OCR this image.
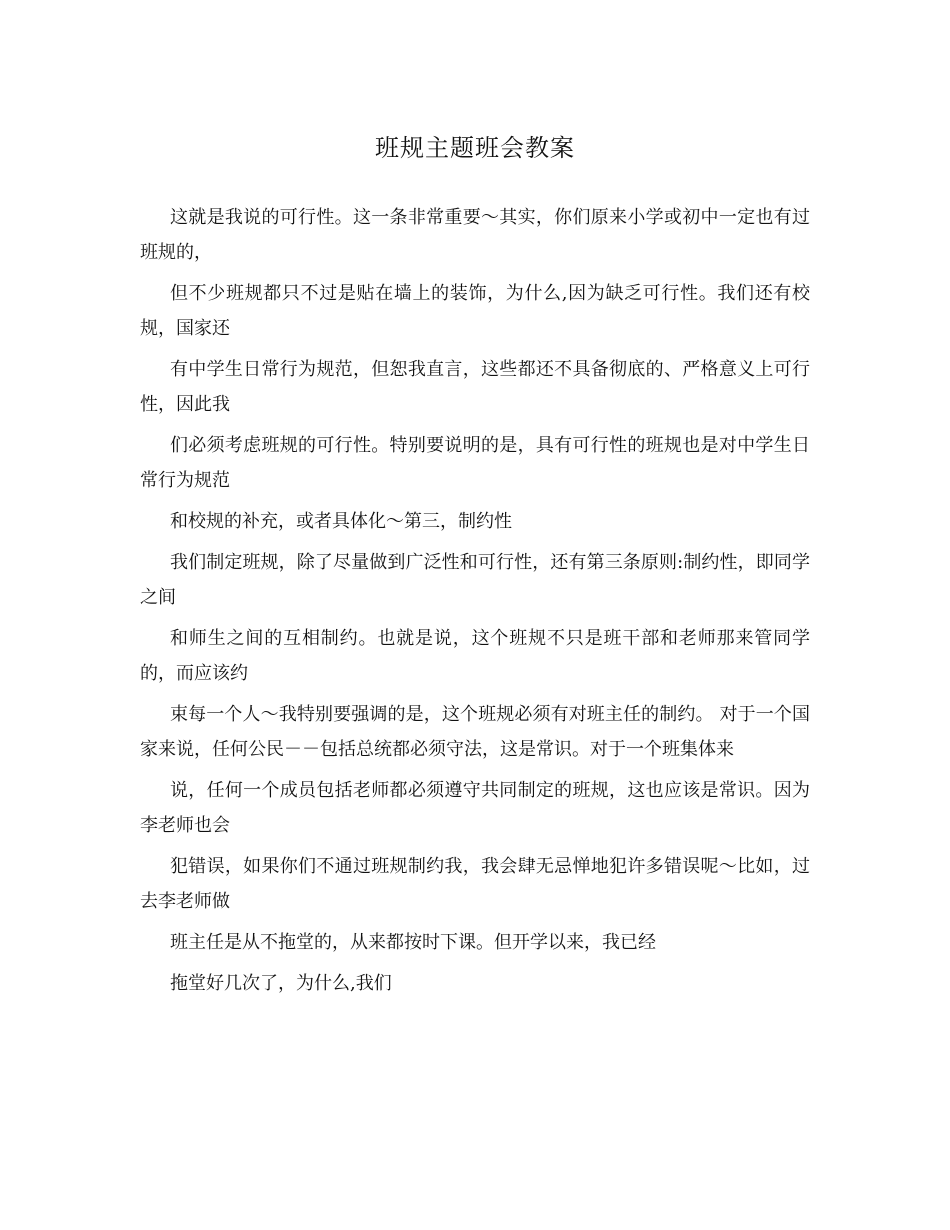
班规主题班会教案

这就是我说的可行性。这一条非常重要～其实，你们原来小学或初中一定也有过班规的，

但不少班规都只不过是贴在墙上的装饰，为什么,因为缺乏可行性。我们还有校规，国家还

有中学生日常行为规范，但恕我直言，这些都还不具备彻底的、严格意义上可行性，因此我

们必须考虑班规的可行性。特别要说明的是，具有可行性的班规也是对中学生日常行为规范

和校规的补充，或者具体化～第三，制约性

我们制定班规，除了尽量做到广泛性和可行性，还有第三条原则:制约性，即同学之间

和师生之间的互相制约。也就是说，这个班规不只是班干部和老师那来管同学的，而应该约

束每一个人～我特别要强调的是，这个班规必须有对班主任的制约。 对于一个国家来说，任何公民－－包括总统都必须守法，这是常识。对于一个班集体来

说，任何一个成员包括老师都必须遵守共同制定的班规，这也应该是常识。因为李老师也会

犯错误，如果你们不通过班规制约我，我会肆无忌惮地犯许多错误呢～比如，过去李老师做

班主任是从不拖堂的，从来都按时下课。但开学以来，我已经

拖堂好几次了，为什么,我们
